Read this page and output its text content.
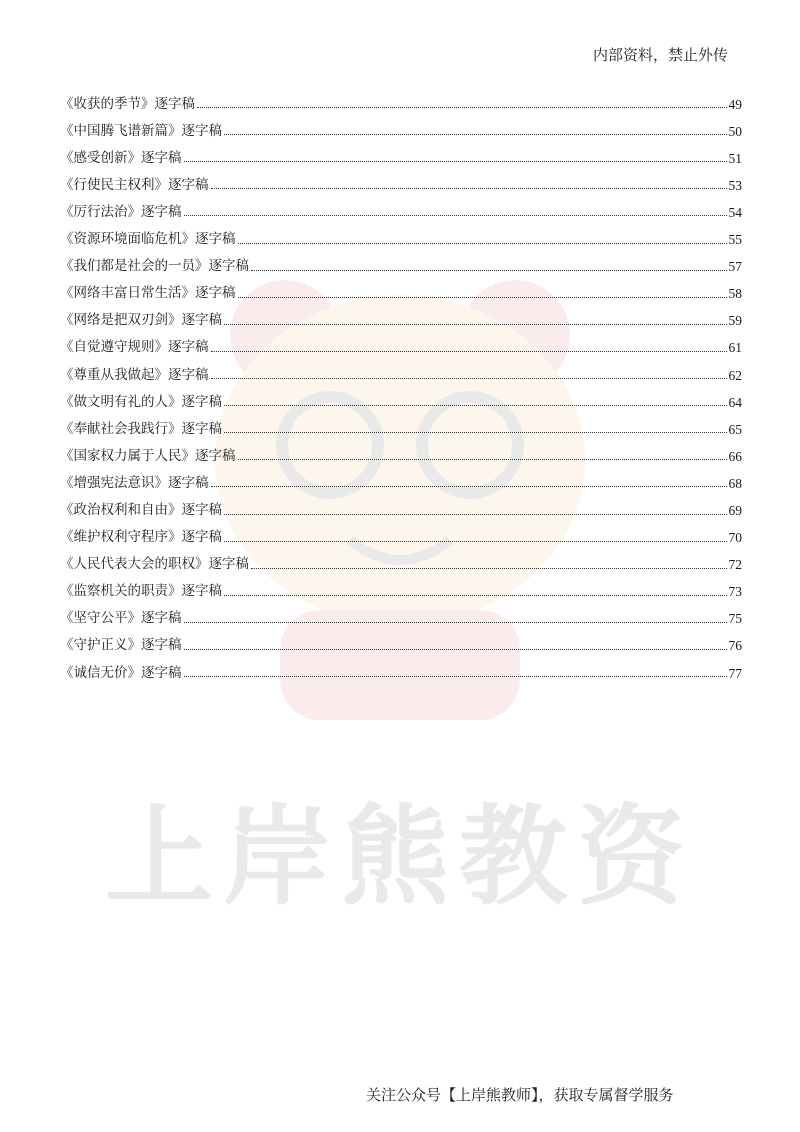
上岸熊教资
内部资料，禁止外传
《收获的季节》逐字稿	49
《中国腾飞谱新篇》逐字稿	50
《感受创新》逐字稿	51
《行使民主权利》逐字稿	53
《厉行法治》逐字稿	54
《资源环境面临危机》逐字稿	55
《我们都是社会的一员》逐字稿	57
《网络丰富日常生活》逐字稿	58
《网络是把双刃剑》逐字稿	59
《自觉遵守规则》逐字稿	61
《尊重从我做起》逐字稿	62
《做文明有礼的人》逐字稿	64
《奉献社会我践行》逐字稿	65
《国家权力属于人民》逐字稿	66
《增强宪法意识》逐字稿	68
《政治权利和自由》逐字稿	69
《维护权利守程序》逐字稿	70
《人民代表大会的职权》逐字稿	72
《监察机关的职责》逐字稿	73
《坚守公平》逐字稿	75
《守护正义》逐字稿	76
《诚信无价》逐字稿	77
关注公众号【上岸熊教师】，获取专属督学服务
